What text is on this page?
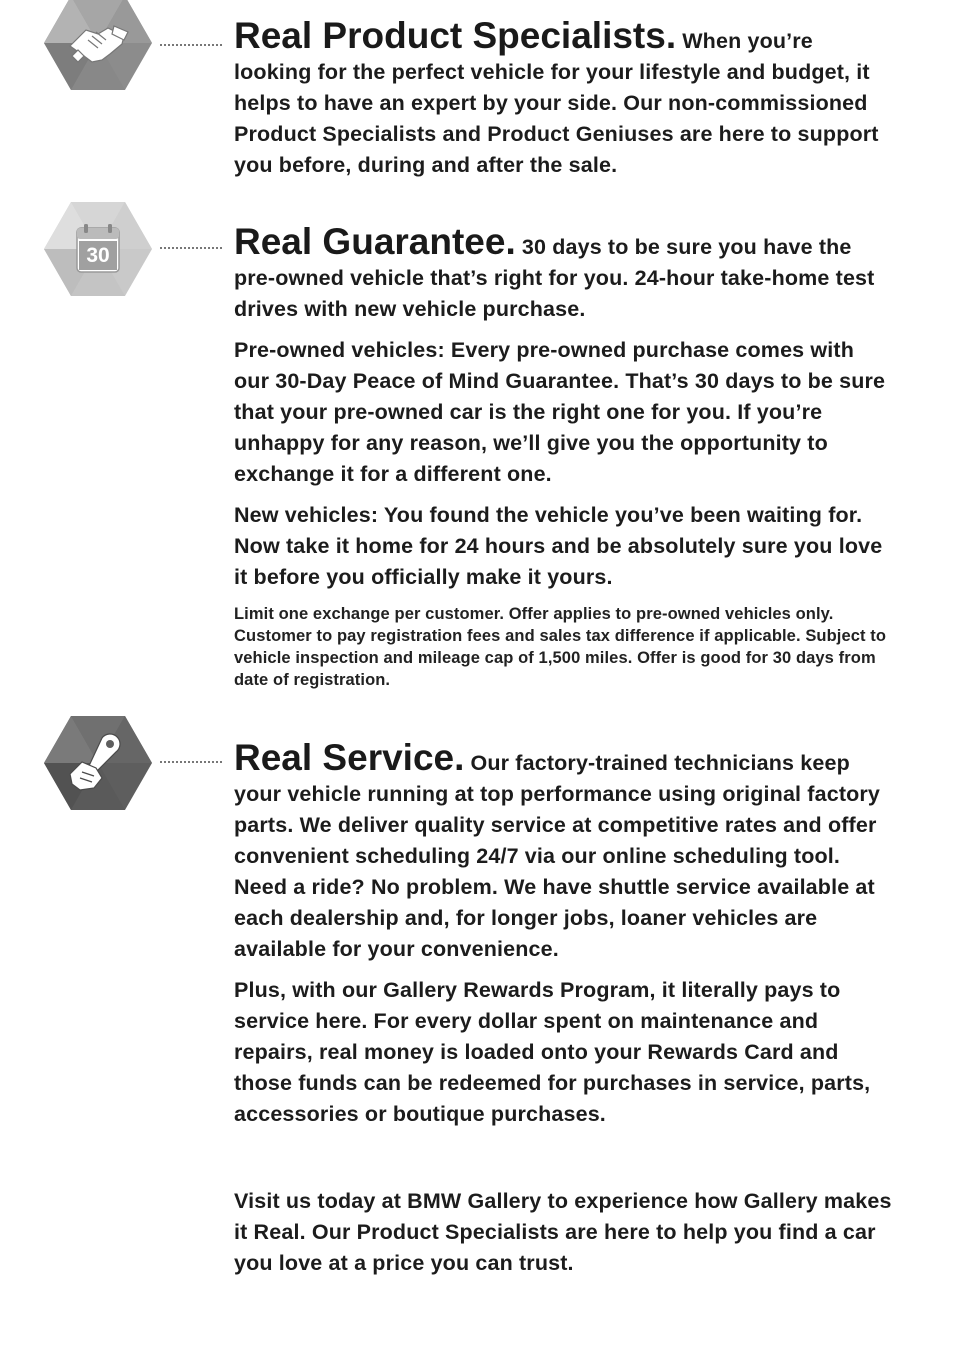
Real Product Specialists. When you’re looking for the perfect vehicle for your lifestyle and budget, it helps to have an expert by your side. Our non-commissioned Product Specialists and Product Geniuses are here to support you before, during and after the sale.

30	Real Guarantee. 30 days to be sure you have the pre-owned vehicle that’s right for you. 24-hour take-home test drives with new vehicle purchase.

Pre-owned vehicles: Every pre-owned purchase comes with our 30-Day Peace of Mind Guarantee. That’s 30 days to be sure that your pre-owned car is the right one for you. If you’re unhappy for any reason, we’ll give you the opportunity to exchange it for a different one.

New vehicles: You found the vehicle you’ve been waiting for. Now take it home for 24 hours and be absolutely sure you love it before you officially make it yours.

Limit one exchange per customer. Offer applies to pre-owned vehicles only. Customer to pay registration fees and sales tax difference if applicable. Subject to vehicle inspection and mileage cap of 1,500 miles. Offer is good for 30 days from date of registration.

Real Service. Our factory-trained technicians keep your vehicle running at top performance using original factory parts. We deliver quality service at competitive rates and offer convenient scheduling 24/7 via our online scheduling tool. Need a ride? No problem. We have shuttle service available at each dealership and, for longer jobs, loaner vehicles are available for your convenience.

Plus, with our Gallery Rewards Program, it literally pays to service here. For every dollar spent on maintenance and repairs, real money is loaded onto your Rewards Card and those funds can be redeemed for purchases in service, parts, accessories or boutique purchases.

Visit us today at BMW Gallery to experience how Gallery makes it Real. Our Product Specialists are here to help you find a car you love at a price you can trust.
